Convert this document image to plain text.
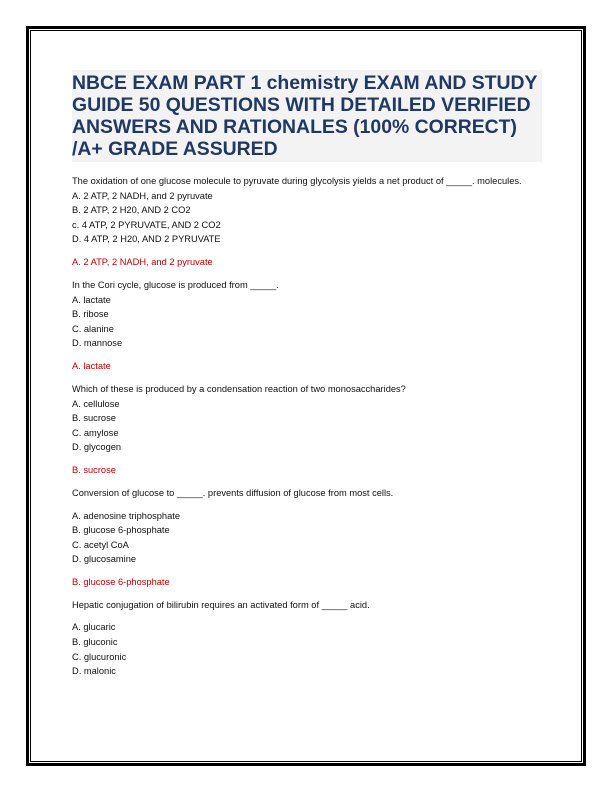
NBCE EXAM PART 1 chemistry EXAM AND STUDY GUIDE 50 QUESTIONS WITH DETAILED VERIFIED ANSWERS AND RATIONALES (100% CORRECT) /A+ GRADE ASSURED

The oxidation of one glucose molecule to pyruvate during glycolysis yields a net product of _____. molecules.

A. 2 ATP, 2 NADH, and 2 pyruvate

B. 2 ATP, 2 H20, AND 2 CO2

c. 4 ATP, 2 PYRUVATE, AND 2 CO2

D. 4 ATP, 2 H20, AND 2 PYRUVATE

A. 2 ATP, 2 NADH, and 2 pyruvate

In the Cori cycle, glucose is produced from _____.

A. lactate

B. ribose

C. alanine

D. mannose

A. lactate

Which of these is produced by a condensation reaction of two monosaccharides?

A. cellulose

B. sucrose

C. amylose

D. glycogen

B. sucrose

Conversion of glucose to _____. prevents diffusion of glucose from most cells.

A. adenosine triphosphate

B. glucose 6-phosphate

C. acetyl CoA

D. glucosamine

B. glucose 6-phosphate

Hepatic conjugation of bilirubin requires an activated form of _____ acid.

A. glucaric

B. gluconic

C. glucuronic

D. malonic
